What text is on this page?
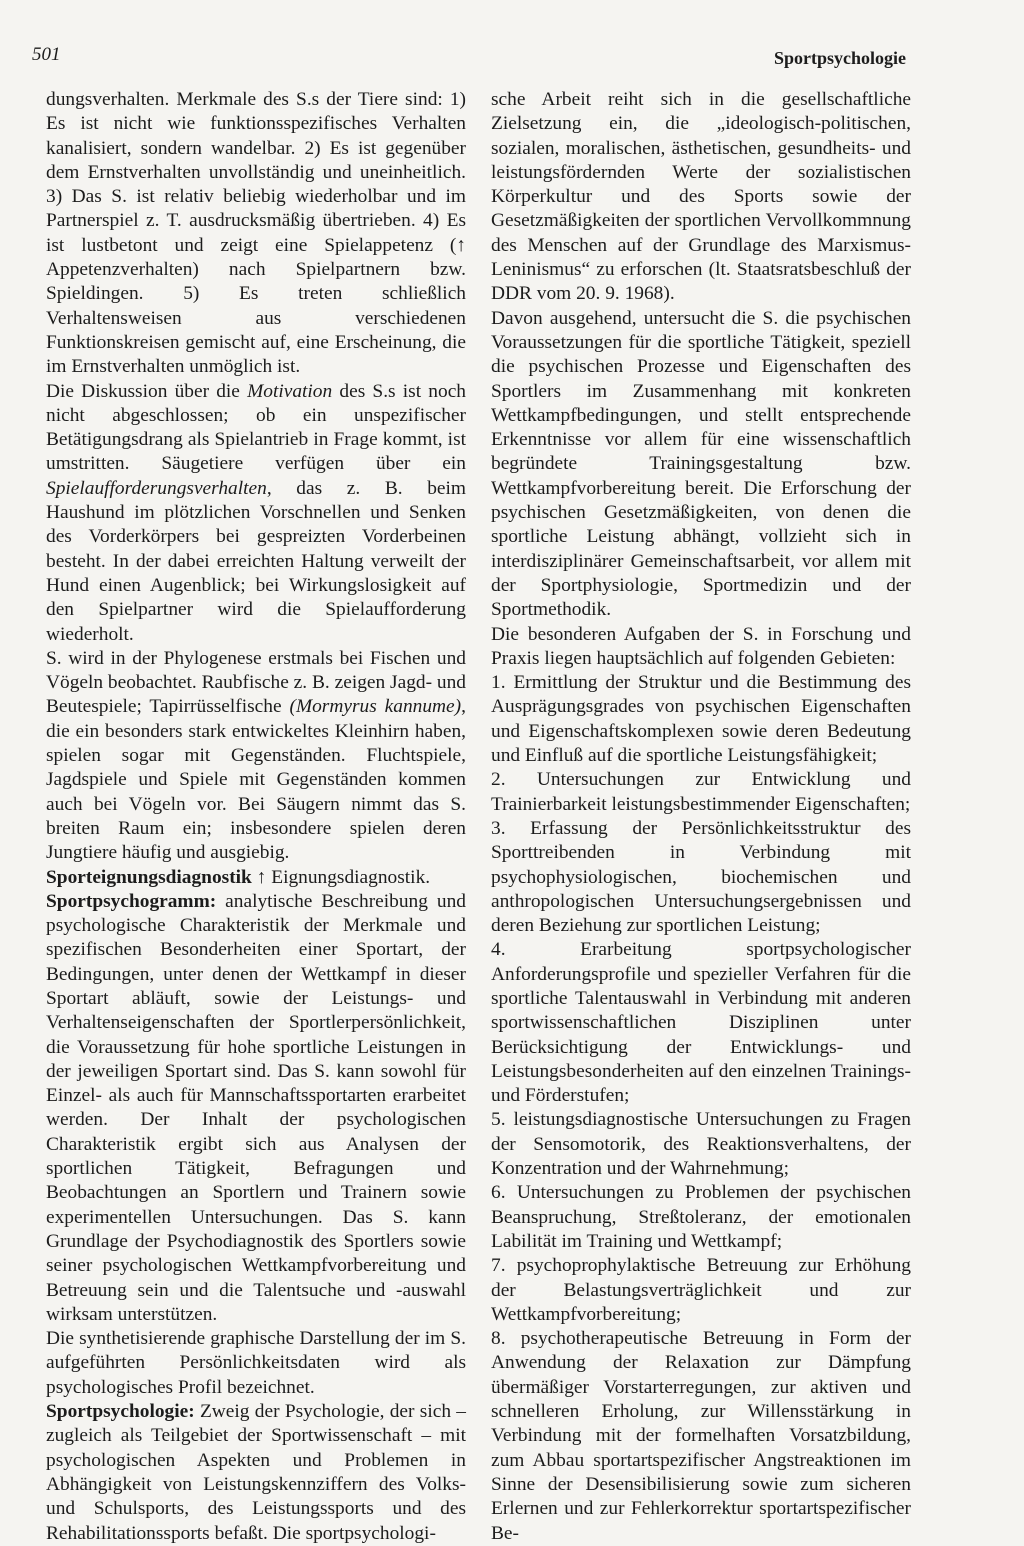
501	Sportpsychologie

dungsverhalten. Merkmale des S.s der Tiere sind: 1) Es ist nicht wie funktionsspezifisches Verhalten kanalisiert, sondern wandelbar. 2) Es ist gegenüber dem Ernstverhalten unvollständig und uneinheitlich. 3) Das S. ist relativ beliebig wiederholbar und im Partnerspiel z. T. ausdrucksmäßig übertrieben. 4) Es ist lustbetont und zeigt eine Spielappetenz (↑ Appetenzverhalten) nach Spielpartnern bzw. Spieldingen. 5) Es treten schließlich Verhaltensweisen aus verschiedenen Funktionskreisen gemischt auf, eine Erscheinung, die im Ernstverhalten unmöglich ist.

Die Diskussion über die Motivation des S.s ist noch nicht abgeschlossen; ob ein unspezifischer Betätigungsdrang als Spielantrieb in Frage kommt, ist umstritten. Säugetiere verfügen über ein Spielaufforderungsverhalten, das z. B. beim Haushund im plötzlichen Vorschnellen und Senken des Vorderkörpers bei gespreizten Vorderbeinen besteht. In der dabei erreichten Haltung verweilt der Hund einen Augenblick; bei Wirkungslosigkeit auf den Spielpartner wird die Spielaufforderung wiederholt.

S. wird in der Phylogenese erstmals bei Fischen und Vögeln beobachtet. Raubfische z. B. zeigen Jagd- und Beutespiele; Tapirrüsselfische (Mormyrus kannume), die ein besonders stark entwickeltes Kleinhirn haben, spielen sogar mit Gegenständen. Fluchtspiele, Jagdspiele und Spiele mit Gegenständen kommen auch bei Vögeln vor. Bei Säugern nimmt das S. breiten Raum ein; insbesondere spielen deren Jungtiere häufig und ausgiebig.

Sporteignungsdiagnostik ↑ Eignungsdiagnostik.

Sportpsychogramm: analytische Beschreibung und psychologische Charakteristik der Merkmale und spezifischen Besonderheiten einer Sportart, der Bedingungen, unter denen der Wettkampf in dieser Sportart abläuft, sowie der Leistungs- und Verhaltenseigenschaften der Sportlerpersönlichkeit, die Voraussetzung für hohe sportliche Leistungen in der jeweiligen Sportart sind. Das S. kann sowohl für Einzel- als auch für Mannschaftssportarten erarbeitet werden. Der Inhalt der psychologischen Charakteristik ergibt sich aus Analysen der sportlichen Tätigkeit, Befragungen und Beobachtungen an Sportlern und Trainern sowie experimentellen Untersuchungen. Das S. kann Grundlage der Psychodiagnostik des Sportlers sowie seiner psychologischen Wettkampfvorbereitung und Betreuung sein und die Talentsuche und -auswahl wirksam unterstützen.

Die synthetisierende graphische Darstellung der im S. aufgeführten Persönlichkeitsdaten wird als psychologisches Profil bezeichnet.

Sportpsychologie: Zweig der Psychologie, der sich – zugleich als Teilgebiet der Sportwissenschaft – mit psychologischen Aspekten und Problemen in Abhängigkeit von Leistungskennziffern des Volks- und Schulsports, des Leistungssports und des Rehabilitationssports befaßt. Die sportpsychologi-

sche Arbeit reiht sich in die gesellschaftliche Zielsetzung ein, die „ideologisch-politischen, sozialen, moralischen, ästhetischen, gesundheits- und leistungsfördernden Werte der sozialistischen Körperkultur und des Sports sowie der Gesetzmäßigkeiten der sportlichen Vervollkommnung des Menschen auf der Grundlage des Marxismus-Leninismus“ zu erforschen (lt. Staatsratsbeschluß der DDR vom 20. 9. 1968).

Davon ausgehend, untersucht die S. die psychischen Voraussetzungen für die sportliche Tätigkeit, speziell die psychischen Prozesse und Eigenschaften des Sportlers im Zusammenhang mit konkreten Wettkampfbedingungen, und stellt entsprechende Erkenntnisse vor allem für eine wissenschaftlich begründete Trainingsgestaltung bzw. Wettkampfvorbereitung bereit. Die Erforschung der psychischen Gesetzmäßigkeiten, von denen die sportliche Leistung abhängt, vollzieht sich in interdisziplinärer Gemeinschaftsarbeit, vor allem mit der Sportphysiologie, Sportmedizin und der Sportmethodik.

Die besonderen Aufgaben der S. in Forschung und Praxis liegen hauptsächlich auf folgenden Gebieten:

1. Ermittlung der Struktur und die Bestimmung des Ausprägungsgrades von psychischen Eigenschaften und Eigenschaftskomplexen sowie deren Bedeutung und Einfluß auf die sportliche Leistungsfähigkeit;

2. Untersuchungen zur Entwicklung und Trainierbarkeit leistungsbestimmender Eigenschaften;

3. Erfassung der Persönlichkeitsstruktur des Sporttreibenden in Verbindung mit psychophysiologischen, biochemischen und anthropologischen Untersuchungsergebnissen und deren Beziehung zur sportlichen Leistung;

4. Erarbeitung sportpsychologischer Anforderungsprofile und spezieller Verfahren für die sportliche Talentauswahl in Verbindung mit anderen sportwissenschaftlichen Disziplinen unter Berücksichtigung der Entwicklungs- und Leistungsbesonderheiten auf den einzelnen Trainings- und Förderstufen;

5. leistungsdiagnostische Untersuchungen zu Fragen der Sensomotorik, des Reaktionsverhaltens, der Konzentration und der Wahrnehmung;

6. Untersuchungen zu Problemen der psychischen Beanspruchung, Streßtoleranz, der emotionalen Labilität im Training und Wettkampf;

7. psychoprophylaktische Betreuung zur Erhöhung der Belastungsverträglichkeit und zur Wettkampfvorbereitung;

8. psychotherapeutische Betreuung in Form der Anwendung der Relaxation zur Dämpfung übermäßiger Vorstarterregungen, zur aktiven und schnelleren Erholung, zur Willensstärkung in Verbindung mit der formelhaften Vorsatzbildung, zum Abbau sportartspezifischer Angstreaktionen im Sinne der Desensibilisierung sowie zum sicheren Erlernen und zur Fehlerkorrektur sportartspezifischer Be-
